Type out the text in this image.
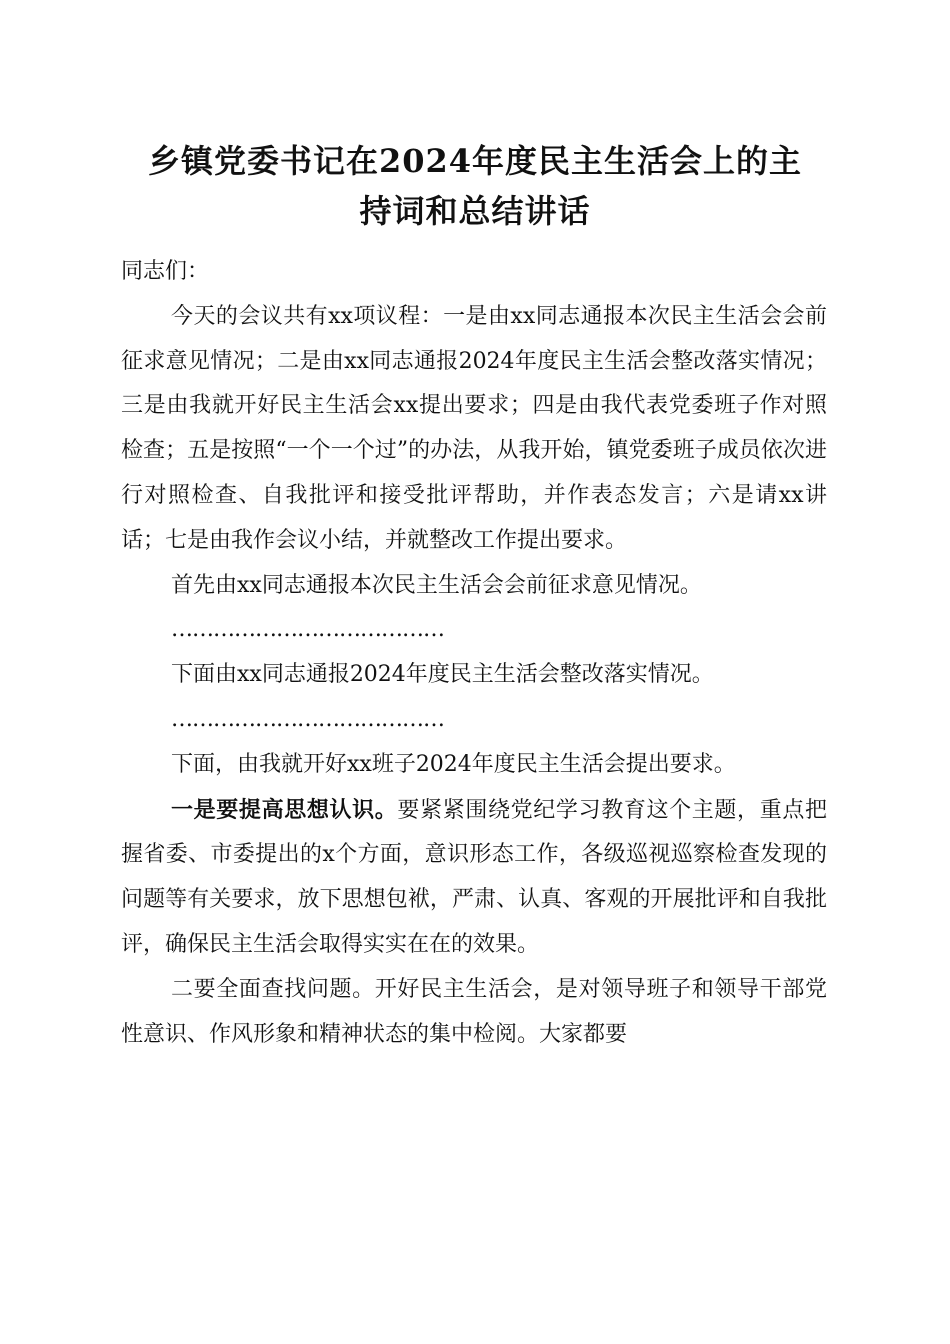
乡镇党委书记在2024年度民主生活会上的主
持词和总结讲话

同志们：

今天的会议共有xx项议程：一是由xx同志通报本次民主生活会会前征求意见情况；二是由xx同志通报2024年度民主生活会整改落实情况；三是由我就开好民主生活会xx提出要求；四是由我代表党委班子作对照检查；五是按照“一个一个过”的办法，从我开始，镇党委班子成员依次进行对照检查、自我批评和接受批评帮助，并作表态发言；六是请xx讲话；七是由我作会议小结，并就整改工作提出要求。

首先由xx同志通报本次民主生活会会前征求意见情况。

…………………………………

下面由xx同志通报2024年度民主生活会整改落实情况。

…………………………………

下面，由我就开好xx班子2024年度民主生活会提出要求。

一是要提高思想认识。要紧紧围绕党纪学习教育这个主题，重点把握省委、市委提出的x个方面，意识形态工作，各级巡视巡察检查发现的问题等有关要求，放下思想包袱，严肃、认真、客观的开展批评和自我批评，确保民主生活会取得实实在在的效果。

二要全面查找问题。开好民主生活会，是对领导班子和领导干部党性意识、作风形象和精神状态的集中检阅。大家都要
